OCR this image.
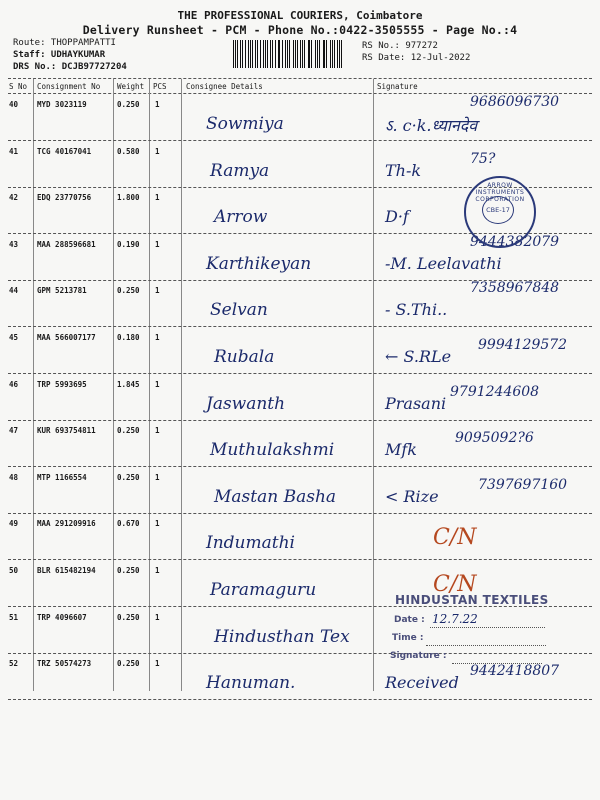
THE PROFESSIONAL COURIERS, Coimbatore
Delivery Runsheet - PCM - Phone No.:0422-3505555 - Page No.:4
Route: THOPPAMPATTI
Staff: UDHAYKUMAR
DRS No.: DCJB97727204
RS No.: 977272
RS Date: 12-Jul-2022
S No Consignment No Weight PCS	Consignee Details	Signature
40	MYD 3023119	0.250 1
Sowmiya	ऽ. c·k.ध्यानदेव
9686096730
41	TCG 40167041	0.580 1
Ramya	Th-k
75?
42	EDQ 23770756	1.800 1
Arrow	D·f
43	MAA 288596681	0.190 1
Karthikeyan	-M. Leelavathi
9444382079
44	GPM 5213781	0.250 1
Selvan	- S.Thi..
7358967848
45	MAA 566007177	0.180 1
Rubala	← S.RLe
9994129572
46	TRP 5993695	1.845 1
Jaswanth	Prasani
9791244608
47	KUR 693754811	0.250 1
Muthulakshmi	Mfk
9095092?6
48	MTP 1166554	0.250 1
Mastan Basha	< Rize
7397697160
49	MAA 291209916	0.670 1
Indumathi	C/N
50	BLR 615482194	0.250 1
Paramaguru	C/N
51	TRP 4096607	0.250 1
Hindusthan Tex
52	TRZ 50574273	0.250 1
Hanuman.	Received
9442418807
ARROW INSTRUMENTS CORPORATION
CBE-17
HINDUSTAN TEXTILES
Date : 12.7.22
Time :
Signature :
